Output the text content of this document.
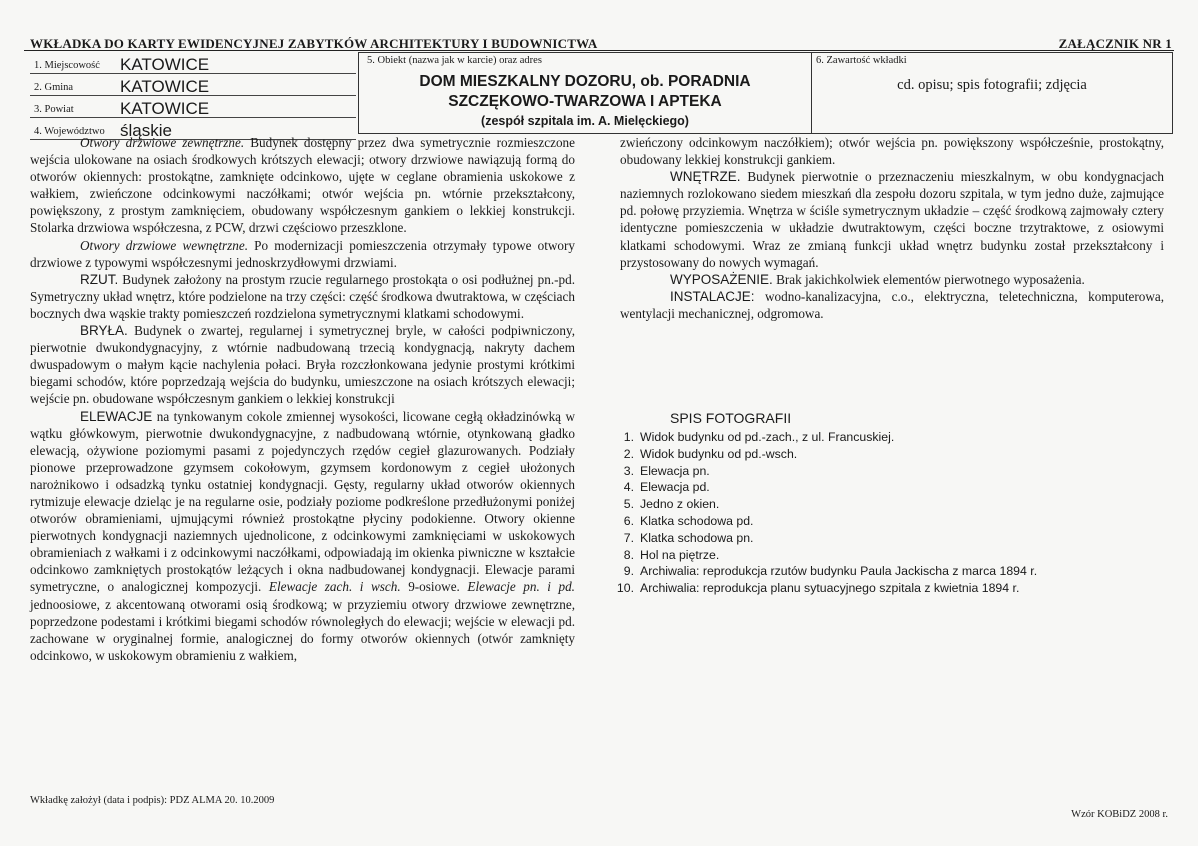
WKŁADKA DO KARTY EWIDENCYJNEJ ZABYTKÓW ARCHITEKTURY I BUDOWNICTWA	ZAŁĄCZNIK NR 1
1. Miejscowość KATOWICE
2. Gmina	KATOWICE
3. Powiat	KATOWICE
4. Województwo śląskie
5. Obiekt (nazwa jak w karcie) oraz adres
DOM MIESZKALNY DOZORU, ob. PORADNIA
SZCZĘKOWO-TWARZOWA I APTEKA
(zespół szpitala im. A. Mielęckiego)
6. Zawartość wkładki
cd. opisu; spis fotografii; zdjęcia

Otwory drzwiowe zewnętrzne. Budynek dostępny przez dwa symetrycznie rozmieszczone wejścia ulokowane na osiach środkowych krótszych elewacji; otwory drzwiowe nawiązują formą do otworów okiennych: prostokątne, zamknięte odcinkowo, ujęte w ceglane obramienia uskokowe z wałkiem, zwieńczone odcinkowymi naczółkami; otwór wejścia pn. wtórnie przekształcony, powiększony, z prostym zamknięciem, obudowany współczesnym gankiem o lekkiej konstrukcji. Stolarka drzwiowa współczesna, z PCW, drzwi częściowo przeszklone.

Otwory drzwiowe wewnętrzne. Po modernizacji pomieszczenia otrzymały typowe otwory drzwiowe z typowymi współczesnymi jednoskrzydłowymi drzwiami.

RZUT. Budynek założony na prostym rzucie regularnego prostokąta o osi podłużnej pn.-pd. Symetryczny układ wnętrz, które podzielone na trzy części: część środkowa dwutraktowa, w częściach bocznych dwa wąskie trakty pomieszczeń rozdzielona symetrycznymi klatkami schodowymi.

BRYŁA. Budynek o zwartej, regularnej i symetrycznej bryle, w całości podpiwniczony, pierwotnie dwukondygnacyjny, z wtórnie nadbudowaną trzecią kondygnacją, nakryty dachem dwuspadowym o małym kącie nachylenia połaci. Bryła rozczłonkowana jedynie prostymi krótkimi biegami schodów, które poprzedzają wejścia do budynku, umieszczone na osiach krótszych elewacji; wejście pn. obudowane współczesnym gankiem o lekkiej konstrukcji

ELEWACJE na tynkowanym cokole zmiennej wysokości, licowane cegłą okładzinówką w wątku główkowym, pierwotnie dwukondygnacyjne, z nadbudowaną wtórnie, otynkowaną gładko elewacją, ożywione poziomymi pasami z pojedynczych rzędów cegieł glazurowanych. Podziały pionowe przeprowadzone gzymsem cokołowym, gzymsem kordonowym z cegieł ułożonych narożnikowo i odsadzką tynku ostatniej kondygnacji. Gęsty, regularny układ otworów okiennych rytmizuje elewacje dzieląc je na regularne osie, podziały poziome podkreślone przedłużonymi poniżej otworów obramieniami, ujmującymi również prostokątne płyciny podokienne. Otwory okienne pierwotnych kondygnacji naziemnych ujednolicone, z odcinkowymi zamknięciami w uskokowych obramieniach z wałkami i z odcinkowymi naczółkami, odpowiadają im okienka piwniczne w kształcie odcinkowo zamkniętych prostokątów leżących i okna nadbudowanej kondygnacji. Elewacje parami symetryczne, o analogicznej kompozycji. Elewacje zach. i wsch. 9-osiowe. Elewacje pn. i pd. jednoosiowe, z akcentowaną otworami osią środkową; w przyziemiu otwory drzwiowe zewnętrzne, poprzedzone podestami i krótkimi biegami schodów równoległych do elewacji; wejście w elewacji pd. zachowane w oryginalnej formie, analogicznej do formy otworów okiennych (otwór zamknięty odcinkowo, w uskokowym obramieniu z wałkiem,

zwieńczony odcinkowym naczółkiem); otwór wejścia pn. powiększony współcześnie, prostokątny, obudowany lekkiej konstrukcji gankiem.

WNĘTRZE. Budynek pierwotnie o przeznaczeniu mieszkalnym, w obu kondygnacjach naziemnych rozlokowano siedem mieszkań dla zespołu dozoru szpitala, w tym jedno duże, zajmujące pd. połowę przyziemia. Wnętrza w ściśle symetrycznym układzie – część środkową zajmowały cztery identyczne pomieszczenia w układzie dwutraktowym, części boczne trzytraktowe, z osiowymi klatkami schodowymi. Wraz ze zmianą funkcji układ wnętrz budynku został przekształcony i przystosowany do nowych wymagań.

WYPOSAŻENIE. Brak jakichkolwiek elementów pierwotnego wyposażenia.

INSTALACJE: wodno-kanalizacyjna, c.o., elektryczna, teletechniczna, komputerowa, wentylacji mechanicznej, odgromowa.

SPIS FOTOGRAFII
1. Widok budynku od pd.-zach., z ul. Francuskiej.
2. Widok budynku od pd.-wsch.
3. Elewacja pn.
4. Elewacja pd.
5. Jedno z okien.
6. Klatka schodowa pd.
7. Klatka schodowa pn.
8. Hol na piętrze.
9. Archiwalia: reprodukcja rzutów budynku Paula Jackischa z marca 1894 r.
10. Archiwalia: reprodukcja planu sytuacyjnego szpitala z kwietnia 1894 r.
Wkładkę założył (data i podpis): PDZ ALMA 20. 10.2009
Wzór KOBiDZ 2008 r.
